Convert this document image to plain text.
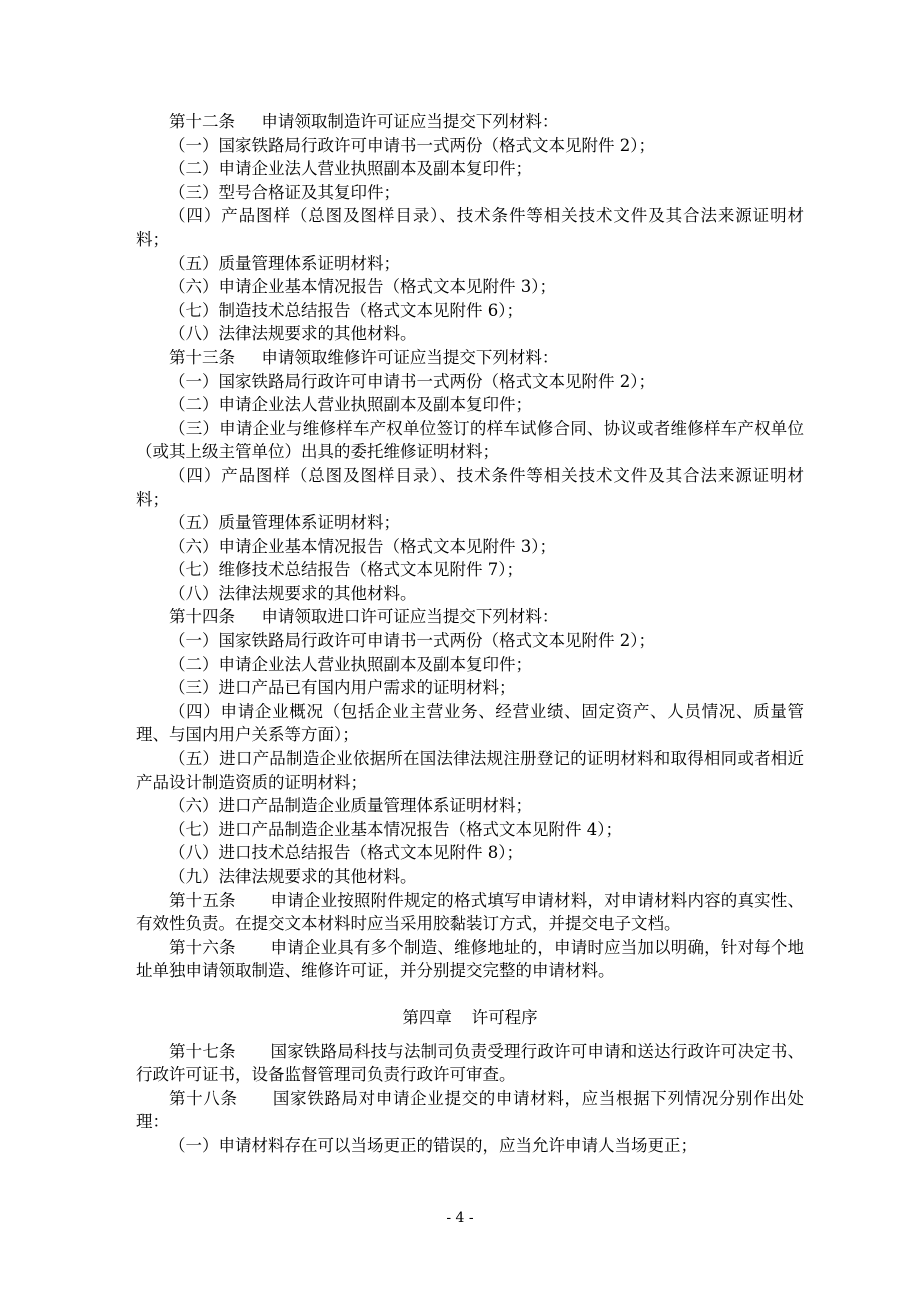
第十二条 申请领取制造许可证应当提交下列材料：

（一）国家铁路局行政许可申请书一式两份（格式文本见附件 2）；

（二）申请企业法人营业执照副本及副本复印件；

（三）型号合格证及其复印件；

（四）产品图样（总图及图样目录）、技术条件等相关技术文件及其合法来源证明材料；

（五）质量管理体系证明材料；

（六）申请企业基本情况报告（格式文本见附件 3）；

（七）制造技术总结报告（格式文本见附件 6）；

（八）法律法规要求的其他材料。

第十三条 申请领取维修许可证应当提交下列材料：

（一）国家铁路局行政许可申请书一式两份（格式文本见附件 2）；

（二）申请企业法人营业执照副本及副本复印件；

（三）申请企业与维修样车产权单位签订的样车试修合同、协议或者维修样车产权单位（或其上级主管单位）出具的委托维修证明材料；

（四）产品图样（总图及图样目录）、技术条件等相关技术文件及其合法来源证明材料；

（五）质量管理体系证明材料；

（六）申请企业基本情况报告（格式文本见附件 3）；

（七）维修技术总结报告（格式文本见附件 7）；

（八）法律法规要求的其他材料。

第十四条 申请领取进口许可证应当提交下列材料：

（一）国家铁路局行政许可申请书一式两份（格式文本见附件 2）；

（二）申请企业法人营业执照副本及副本复印件；

（三）进口产品已有国内用户需求的证明材料；

（四）申请企业概况（包括企业主营业务、经营业绩、固定资产、人员情况、质量管理、与国内用户关系等方面）；

（五）进口产品制造企业依据所在国法律法规注册登记的证明材料和取得相同或者相近产品设计制造资质的证明材料；

（六）进口产品制造企业质量管理体系证明材料；

（七）进口产品制造企业基本情况报告（格式文本见附件 4）；

（八）进口技术总结报告（格式文本见附件 8）；

（九）法律法规要求的其他材料。

第十五条 申请企业按照附件规定的格式填写申请材料，对申请材料内容的真实性、有效性负责。在提交文本材料时应当采用胶黏装订方式，并提交电子文档。

第十六条 申请企业具有多个制造、维修地址的，申请时应当加以明确，针对每个地址单独申请领取制造、维修许可证，并分别提交完整的申请材料。

第四章 许可程序

第十七条 国家铁路局科技与法制司负责受理行政许可申请和送达行政许可决定书、行政许可证书，设备监督管理司负责行政许可审查。

第十八条 国家铁路局对申请企业提交的申请材料，应当根据下列情况分别作出处理：

（一）申请材料存在可以当场更正的错误的，应当允许申请人当场更正；

- 4 -
